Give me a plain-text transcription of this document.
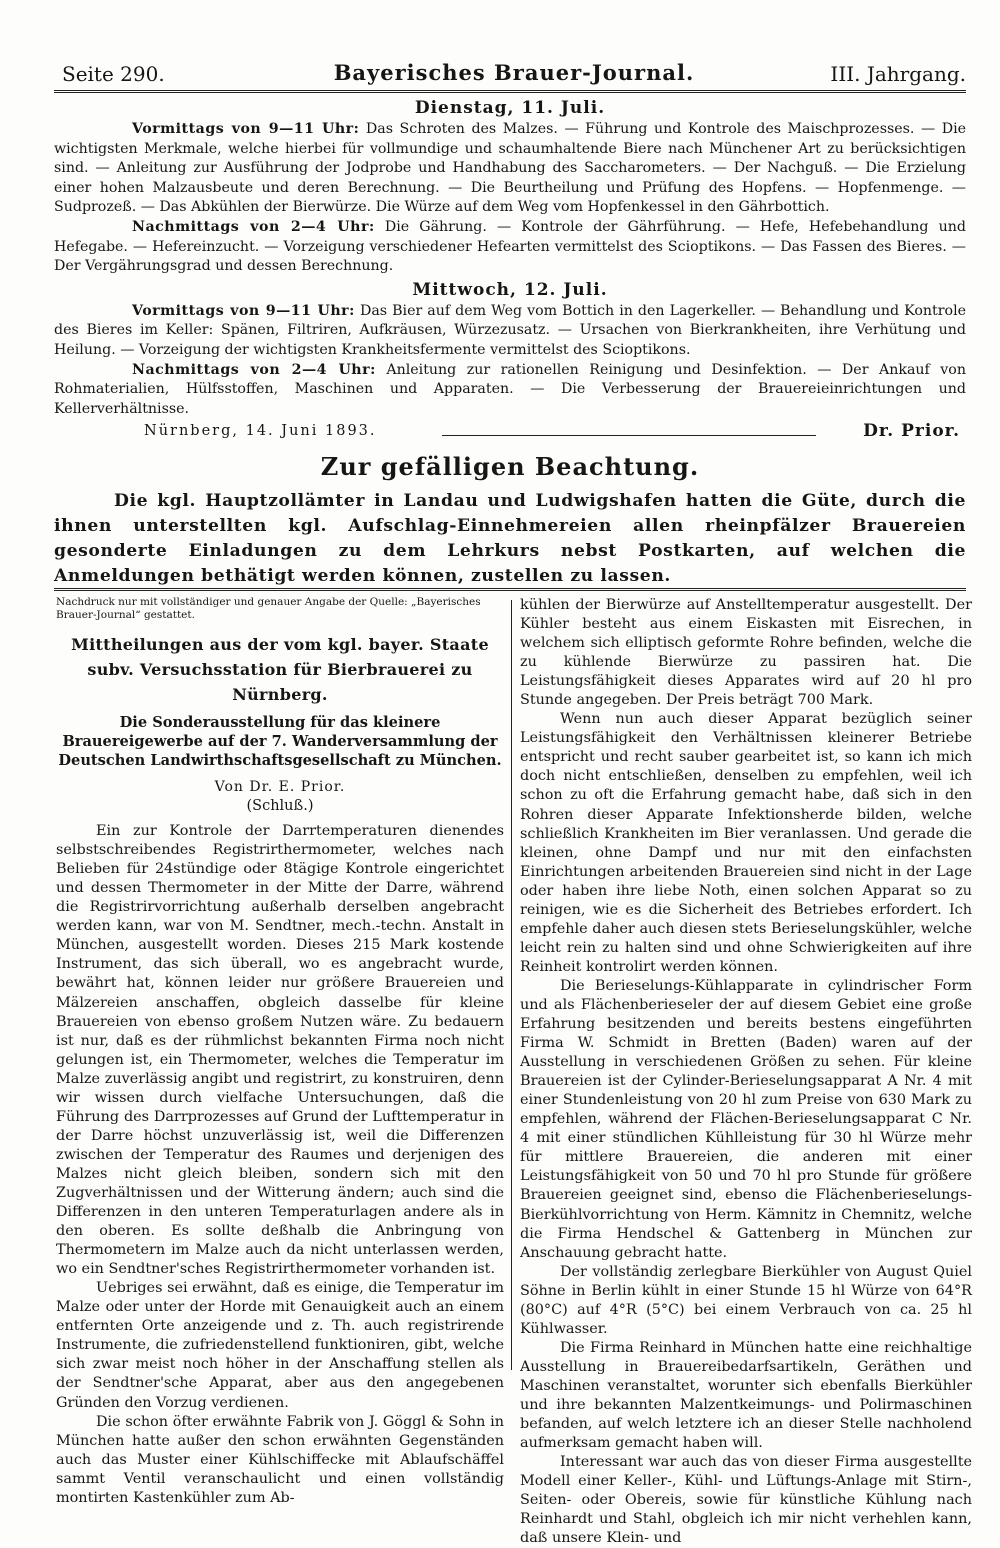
Seite 290.	Bayerisches Brauer-Journal.	III. Jahrgang.
Dienstag, 11. Juli.

Vormittags von 9—11 Uhr: Das Schroten des Malzes. — Führung und Kontrole des Maischprozesses. — Die wichtigsten Merkmale, welche hierbei für vollmundige und schaumhaltende Biere nach Münchener Art zu berücksichtigen sind. — Anleitung zur Ausführung der Jodprobe und Handhabung des Saccharometers. — Der Nachguß. — Die Erzielung einer hohen Malzausbeute und deren Berechnung. — Die Beurtheilung und Prüfung des Hopfens. — Hopfenmenge. — Sudprozeß. — Das Abkühlen der Bierwürze. Die Würze auf dem Weg vom Hopfenkessel in den Gährbottich.

Nachmittags von 2—4 Uhr: Die Gährung. — Kontrole der Gährführung. — Hefe, Hefebehandlung und Hefegabe. — Hefereinzucht. — Vorzeigung verschiedener Hefearten vermittelst des Scioptikons. — Das Fassen des Bieres. — Der Vergährungsgrad und dessen Berechnung.

Mittwoch, 12. Juli.

Vormittags von 9—11 Uhr: Das Bier auf dem Weg vom Bottich in den Lagerkeller. — Behandlung und Kontrole des Bieres im Keller: Spänen, Filtriren, Aufkräusen, Würzezusatz. — Ursachen von Bierkrankheiten, ihre Verhütung und Heilung. — Vorzeigung der wichtigsten Krankheitsfermente vermittelst des Scioptikons.

Nachmittags von 2—4 Uhr: Anleitung zur rationellen Reinigung und Desinfektion. — Der Ankauf von Rohmaterialien, Hülfsstoffen, Maschinen und Apparaten. — Die Verbesserung der Brauereieinrichtungen und Kellerverhältnisse.

Nürnberg, 14. Juni 1893.	Dr. Prior.
Zur gefälligen Beachtung.

Die kgl. Hauptzollämter in Landau und Ludwigshafen hatten die Güte, durch die ihnen unterstellten kgl. Aufschlag-Einnehmereien allen rheinpfälzer Brauereien gesonderte Einladungen zu dem Lehrkurs nebst Postkarten, auf welchen die Anmeldungen bethätigt werden können, zustellen zu lassen.

Nachdruck nur mit vollständiger und genauer Angabe der Quelle: „Bayerisches Brauer-Journal“ gestattet.

Mittheilungen aus der vom kgl. bayer. Staate subv. Versuchsstation für Bierbrauerei zu Nürnberg.

Die Sonderausstellung für das kleinere Brauereigewerbe auf der 7. Wanderversammlung der Deutschen Landwirthschaftsgesellschaft zu München.

Von Dr. E. Prior.

(Schluß.)

Ein zur Kontrole der Darrtemperaturen dienendes selbstschreibendes Registrirthermometer, welches nach Belieben für 24stündige oder 8tägige Kontrole eingerichtet und dessen Thermometer in der Mitte der Darre, während die Registrirvorrichtung außerhalb derselben angebracht werden kann, war von M. Sendtner, mech.-techn. Anstalt in München, ausgestellt worden. Dieses 215 Mark kostende Instrument, das sich überall, wo es angebracht wurde, bewährt hat, können leider nur größere Brauereien und Mälzereien anschaffen, obgleich dasselbe für kleine Brauereien von ebenso großem Nutzen wäre. Zu bedauern ist nur, daß es der rühmlichst bekannten Firma noch nicht gelungen ist, ein Thermometer, welches die Temperatur im Malze zuverlässig angibt und registrirt, zu konstruiren, denn wir wissen durch vielfache Untersuchungen, daß die Führung des Darrprozesses auf Grund der Lufttemperatur in der Darre höchst unzuverlässig ist, weil die Differenzen zwischen der Temperatur des Raumes und derjenigen des Malzes nicht gleich bleiben, sondern sich mit den Zugverhältnissen und der Witterung ändern; auch sind die Differenzen in den unteren Temperaturlagen andere als in den oberen. Es sollte deßhalb die Anbringung von Thermometern im Malze auch da nicht unterlassen werden, wo ein Sendtner'sches Registrirthermometer vorhanden ist.

Uebriges sei erwähnt, daß es einige, die Temperatur im Malze oder unter der Horde mit Genauigkeit auch an einem entfernten Orte anzeigende und z. Th. auch registrirende Instrumente, die zufriedenstellend funktioniren, gibt, welche sich zwar meist noch höher in der Anschaffung stellen als der Sendtner'sche Apparat, aber aus den angegebenen Gründen den Vorzug verdienen.

Die schon öfter erwähnte Fabrik von J. Göggl & Sohn in München hatte außer den schon erwähnten Gegenständen auch das Muster einer Kühlschiffecke mit Ablaufschäffel sammt Ventil veranschaulicht und einen vollständig montirten Kastenkühler zum Ab-

kühlen der Bierwürze auf Anstelltemperatur ausgestellt. Der Kühler besteht aus einem Eiskasten mit Eisrechen, in welchem sich elliptisch geformte Rohre befinden, welche die zu kühlende Bierwürze zu passiren hat. Die Leistungsfähigkeit dieses Apparates wird auf 20 hl pro Stunde angegeben. Der Preis beträgt 700 Mark.

Wenn nun auch dieser Apparat bezüglich seiner Leistungsfähigkeit den Verhältnissen kleinerer Betriebe entspricht und recht sauber gearbeitet ist, so kann ich mich doch nicht entschließen, denselben zu empfehlen, weil ich schon zu oft die Erfahrung gemacht habe, daß sich in den Rohren dieser Apparate Infektionsherde bilden, welche schließlich Krankheiten im Bier veranlassen. Und gerade die kleinen, ohne Dampf und nur mit den einfachsten Einrichtungen arbeitenden Brauereien sind nicht in der Lage oder haben ihre liebe Noth, einen solchen Apparat so zu reinigen, wie es die Sicherheit des Betriebes erfordert. Ich empfehle daher auch diesen stets Berieselungskühler, welche leicht rein zu halten sind und ohne Schwierigkeiten auf ihre Reinheit kontrolirt werden können.

Die Berieselungs-Kühlapparate in cylindrischer Form und als Flächenberieseler der auf diesem Gebiet eine große Erfahrung besitzenden und bereits bestens eingeführten Firma W. Schmidt in Bretten (Baden) waren auf der Ausstellung in verschiedenen Größen zu sehen. Für kleine Brauereien ist der Cylinder-Berieselungsapparat A Nr. 4 mit einer Stundenleistung von 20 hl zum Preise von 630 Mark zu empfehlen, während der Flächen-Berieselungsapparat C Nr. 4 mit einer stündlichen Kühlleistung für 30 hl Würze mehr für mittlere Brauereien, die anderen mit einer Leistungsfähigkeit von 50 und 70 hl pro Stunde für größere Brauereien geeignet sind, ebenso die Flächenberieselungs-Bierkühlvorrichtung von Herm. Kämnitz in Chemnitz, welche die Firma Hendschel & Gattenberg in München zur Anschauung gebracht hatte.

Der vollständig zerlegbare Bierkühler von August Quiel Söhne in Berlin kühlt in einer Stunde 15 hl Würze von 64°R (80°C) auf 4°R (5°C) bei einem Verbrauch von ca. 25 hl Kühlwasser.

Die Firma Reinhard in München hatte eine reichhaltige Ausstellung in Brauereibedarfsartikeln, Geräthen und Maschinen veranstaltet, worunter sich ebenfalls Bierkühler und ihre bekannten Malzentkeimungs- und Polirmaschinen befanden, auf welch letztere ich an dieser Stelle nachholend aufmerksam gemacht haben will.

Interessant war auch das von dieser Firma ausgestellte Modell einer Keller-, Kühl- und Lüftungs-Anlage mit Stirn-, Seiten- oder Obereis, sowie für künstliche Kühlung nach Reinhardt und Stahl, obgleich ich mir nicht verhehlen kann, daß unsere Klein- und
